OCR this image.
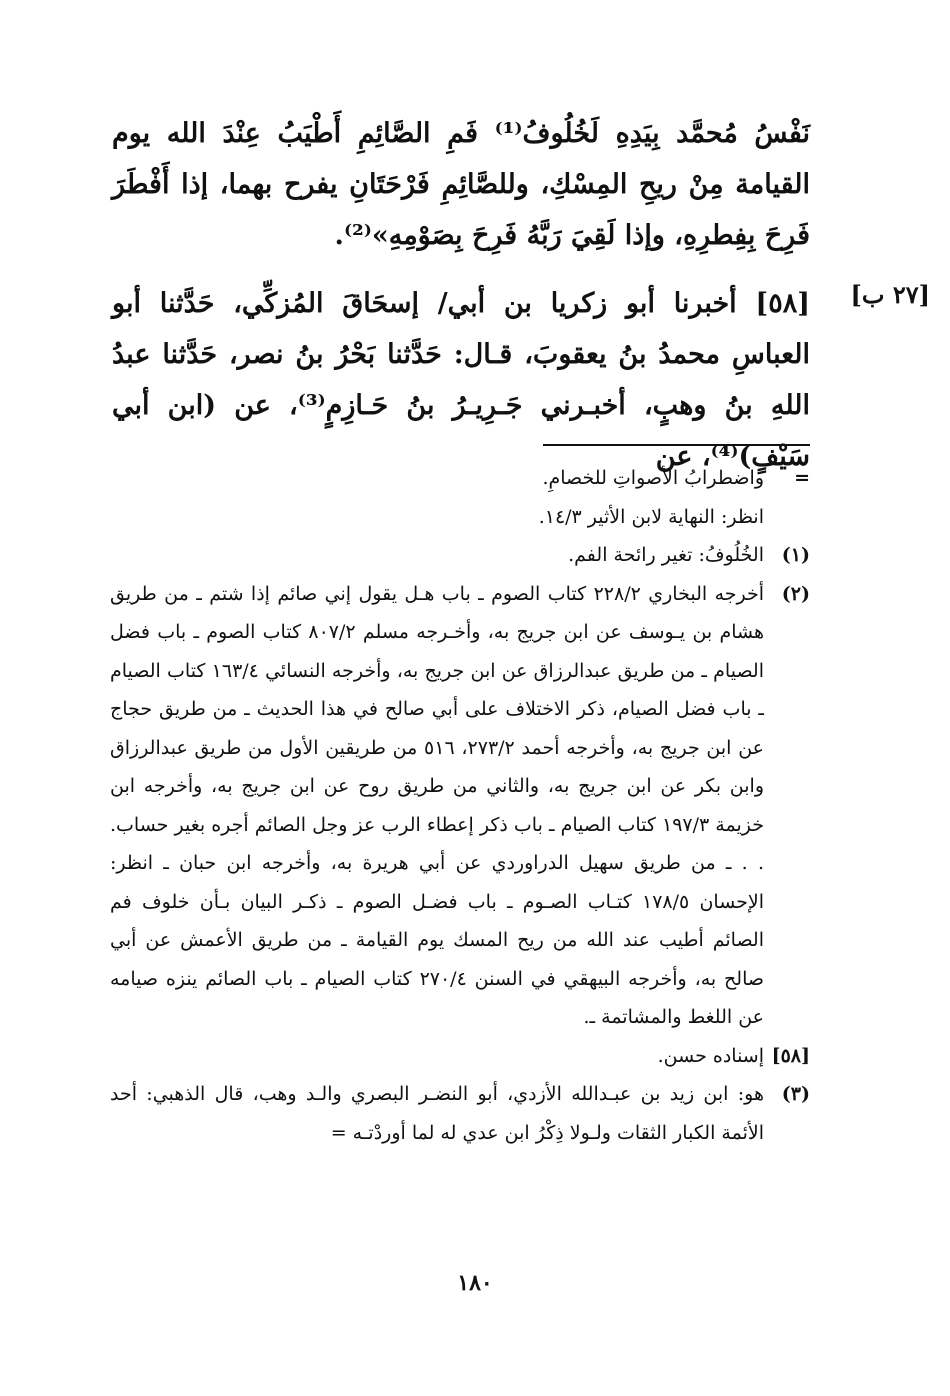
نَفْسُ مُحمَّد بِيَدِهِ لَخُلُوفُ⁽¹⁾ فَمِ الصَّائِمِ أَطْيَبُ عِنْدَ الله يوم القيامة مِنْ ريحِ المِسْكِ، وللصَّائِمِ فَرْحَتَانِ يفرح بهما، إذا أَفْطَرَ فَرِحَ بِفِطرِهِ، وإذا لَقِيَ رَبَّهُ فَرِحَ بِصَوْمِهِ»⁽²⁾.

[٢٧ ب]

[٥٨] أخبرنا أبو زكريا بن أبي/ إسحَاقَ المُزكِّي، حَدَّثنا أبو العباسِ محمدُ بنُ يعقوبَ، قـال: حَدَّثنا بَحْرُ بنُ نصر، حَدَّثنا عبدُ اللهِ بنُ وهبٍ، أخبـرني جَـرِيـرُ بنُ حَـازِمٍ⁽³⁾، عن (ابن أبي سَيْفٍ)⁽⁴⁾، عن

=
واضطرابُ الأصواتِ للخصامِ.
انظر: النهاية لابن الأثير ١٤/٣.
(١)
الخُلُوفُ: تغير رائحة الفم.
(٢)
أخرجه البخاري ٢٢٨/٢ كتاب الصوم ـ باب هـل يقول إني صائم إذا شتم ـ من طريق هشام بن يـوسف عن ابن جريج به، وأخـرجه مسلم ٨٠٧/٢ كتاب الصوم ـ باب فضل الصيام ـ من طريق عبدالرزاق عن ابن جريج به، وأخرجه النسائي ١٦٣/٤ كتاب الصيام ـ باب فضل الصيام، ذكر الاختلاف على أبي صالح في هذا الحديث ـ من طريق حجاج عن ابن جريج به، وأخرجه أحمد ٢٧٣/٢، ٥١٦ من طريقين الأول من طريق عبدالرزاق وابن بكر عن ابن جريج به، والثاني من طريق روح عن ابن جريج به، وأخرجه ابن خزيمة ١٩٧/٣ كتاب الصيام ـ باب ذكر إعطاء الرب عز وجل الصائم أجره بغير حساب. . . ـ من طريق سهيل الدراوردي عن أبي هريرة به، وأخرجه ابن حبان ـ انظر: الإحسان ١٧٨/٥ كتـاب الصـوم ـ باب فضـل الصوم ـ ذكـر البيان بـأن خلوف فم الصائم أطيب عند الله من ريح المسك يوم القيامة ـ من طريق الأعمش عن أبي صالح به، وأخرجه البيهقي في السنن ٢٧٠/٤ كتاب الصيام ـ باب الصائم ينزه صيامه عن اللغط والمشاتمة ـ.
[٥٨]
إسناده حسن.
(٣)
هو: ابن زيد بن عبـدالله الأزدي، أبو النضـر البصري والـد وهب، قال الذهبي: أحد الأئمة الكبار الثقات ولـولا ذِكْرُ ابن عدي له لما أوردْتـه =
١٨٠
